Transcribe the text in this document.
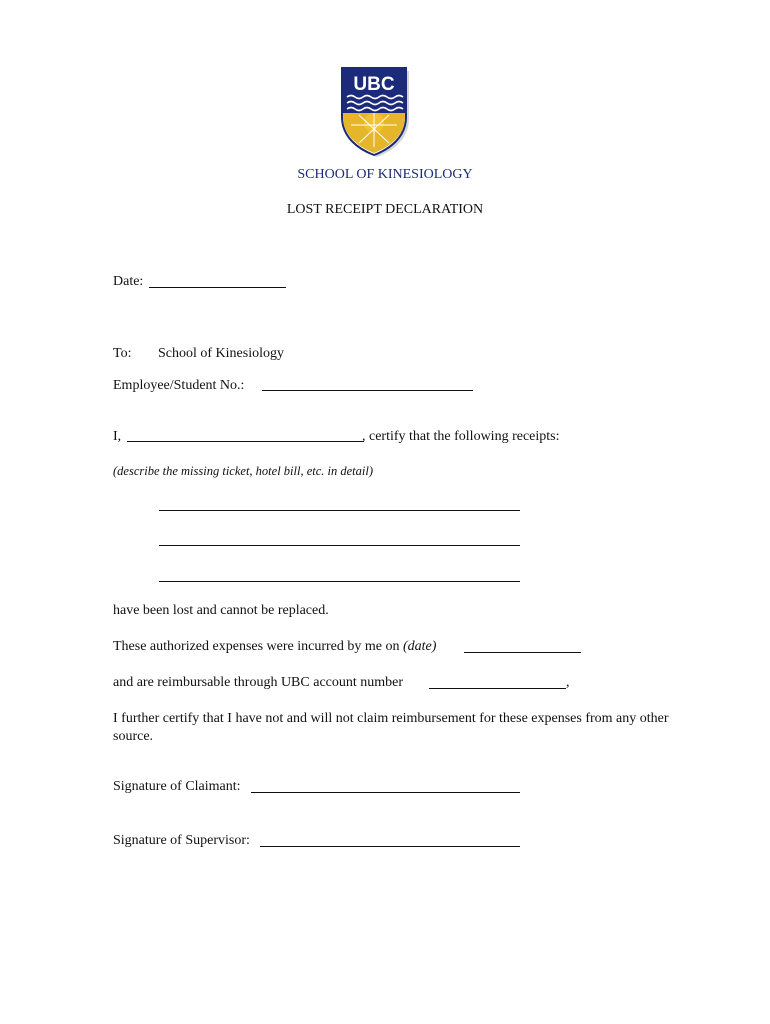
UBC
SCHOOL OF KINESIOLOGY
LOST RECEIPT DECLARATION
Date:
To: School of Kinesiology
Employee/Student No.:
I,	, certify that the following receipts:
(describe the missing ticket, hotel bill, etc. in detail)
have been lost and cannot be replaced.
These authorized expenses were incurred by me on (date)
and are reimbursable through UBC account number	,
I further certify that I have not and will not claim reimbursement for these expenses from any other source.
Signature of Claimant:
Signature of Supervisor:
